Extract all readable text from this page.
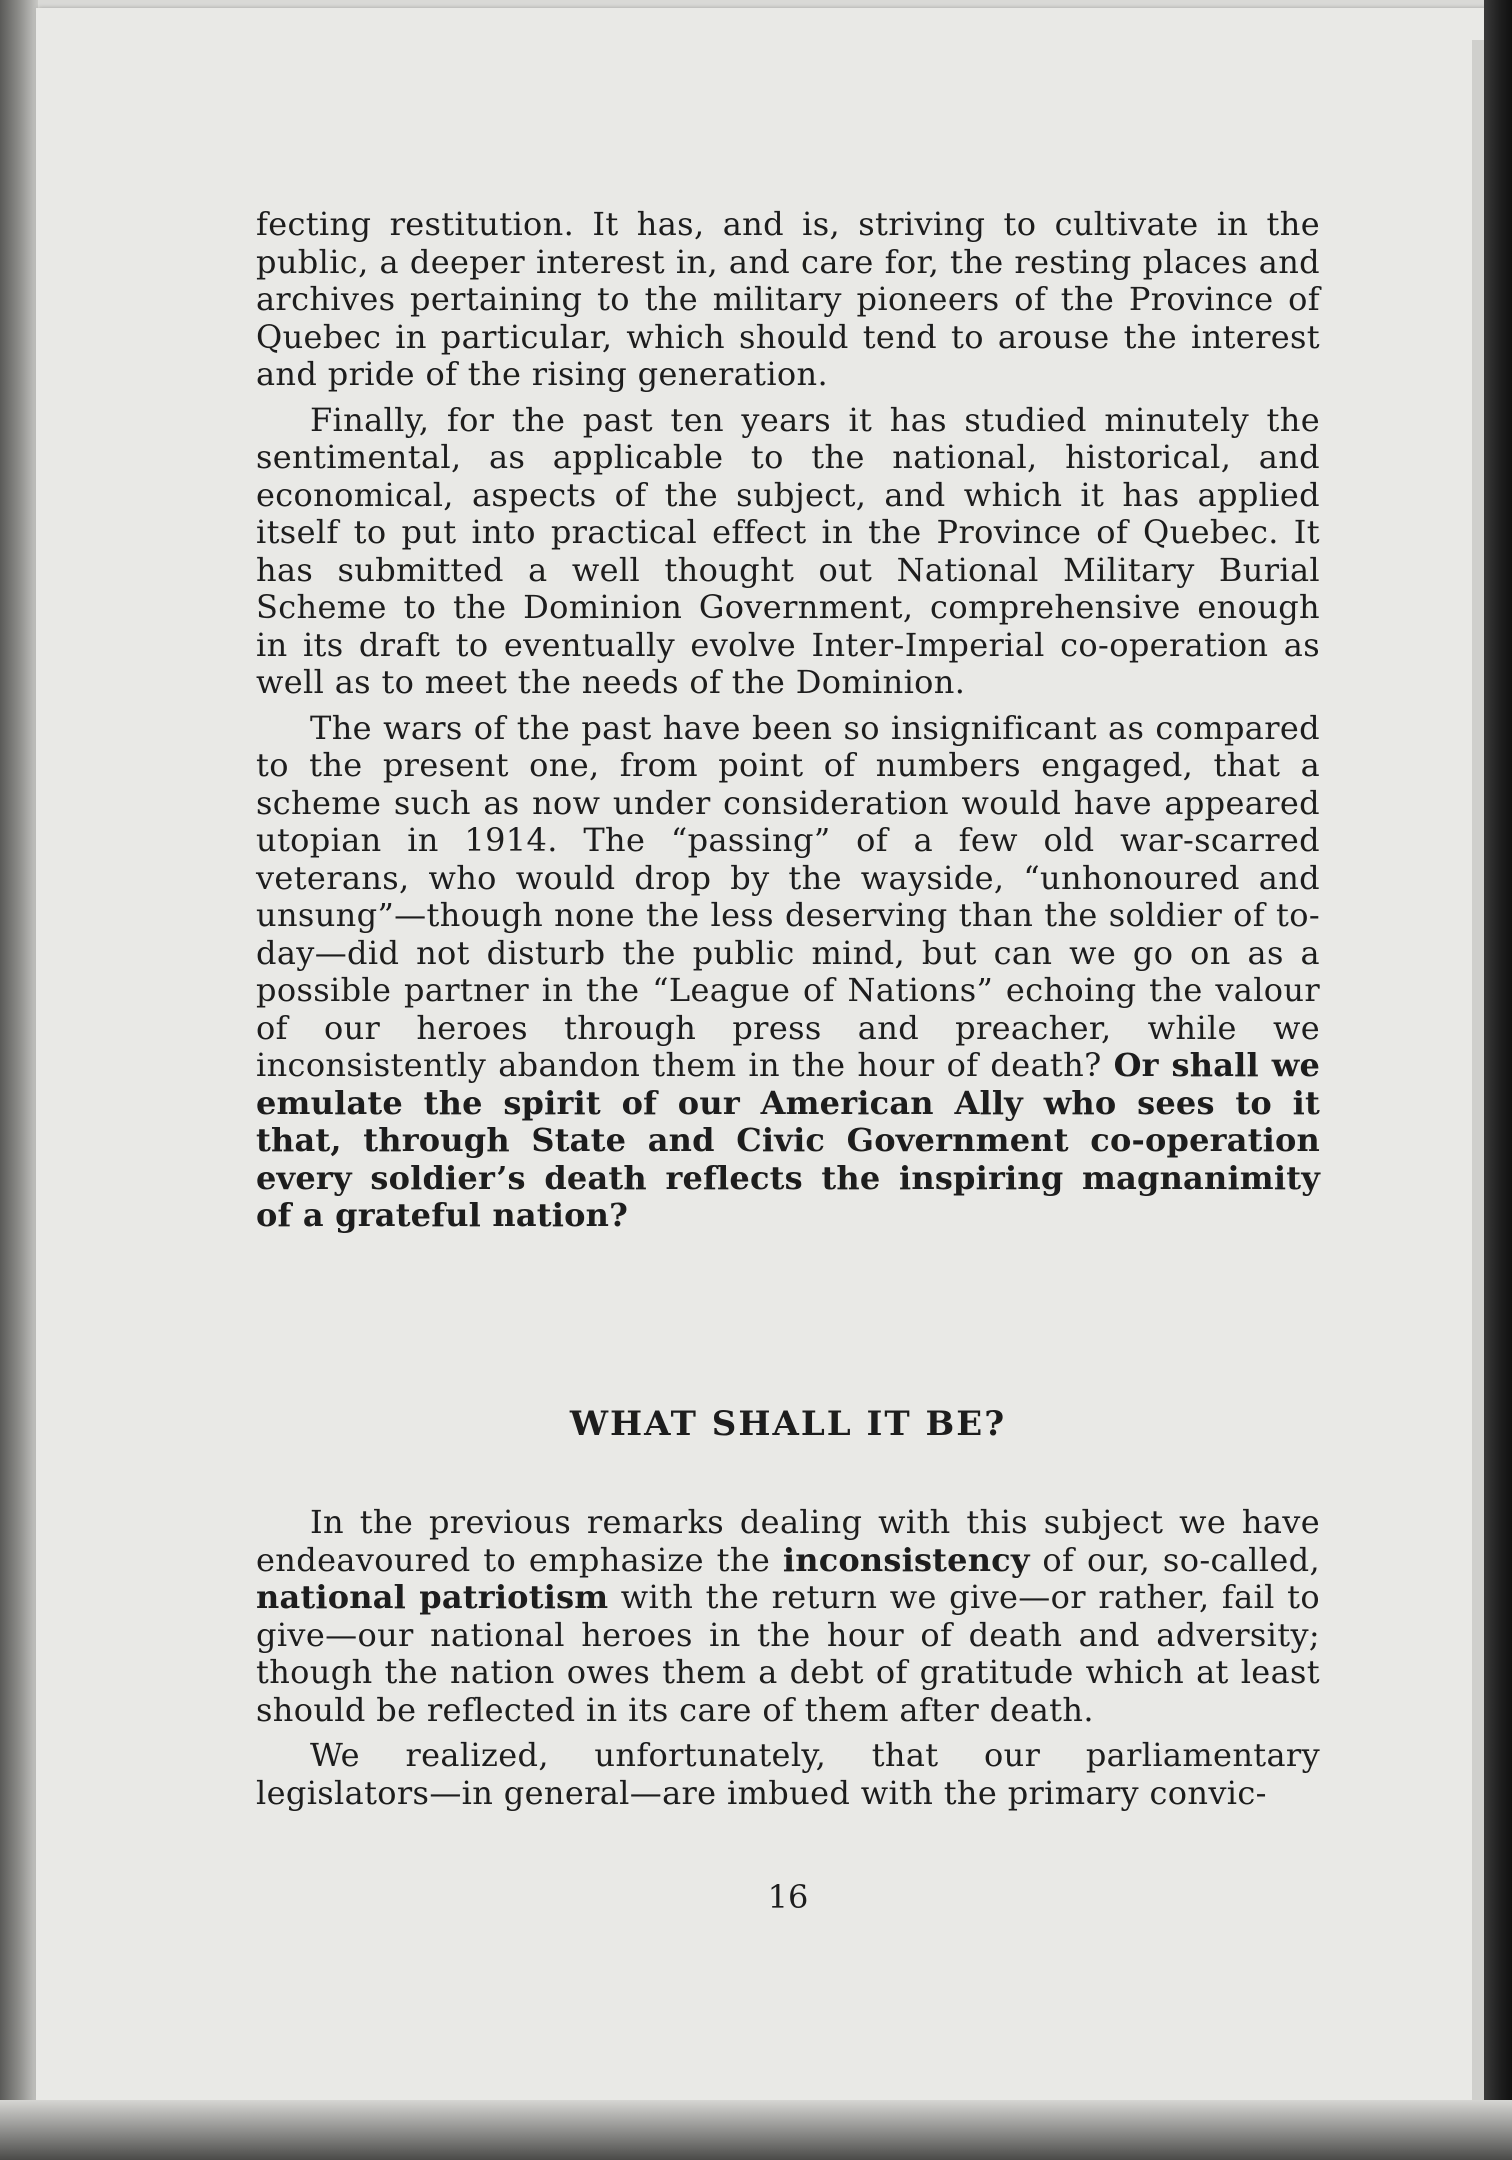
fecting restitution. It has, and is, striving to cultivate in the public, a deeper interest in, and care for, the resting places and archives pertaining to the military pioneers of the Province of Quebec in particular, which should tend to arouse the interest and pride of the rising generation.

Finally, for the past ten years it has studied minutely the sentimental, as applicable to the national, historical, and economical, aspects of the subject, and which it has applied itself to put into practical effect in the Province of Quebec. It has submitted a well thought out National Military Burial Scheme to the Dominion Government, comprehensive enough in its draft to eventually evolve Inter-Imperial co-operation as well as to meet the needs of the Dominion.

The wars of the past have been so insignificant as compared to the present one, from point of numbers engaged, that a scheme such as now under consideration would have appeared utopian in 1914. The “passing” of a few old war-scarred veterans, who would drop by the wayside, “unhonoured and unsung”—though none the less deserving than the soldier of to-day—did not disturb the public mind, but can we go on as a possible partner in the “League of Nations” echoing the valour of our heroes through press and preacher, while we inconsistently abandon them in the hour of death? Or shall we emulate the spirit of our American Ally who sees to it that, through State and Civic Government co-operation every soldier’s death reflects the inspiring magnanimity of a grateful nation?

WHAT SHALL IT BE?

In the previous remarks dealing with this subject we have endeavoured to emphasize the inconsistency of our, so-called, national patriotism with the return we give—or rather, fail to give—our national heroes in the hour of death and adversity; though the nation owes them a debt of gratitude which at least should be reflected in its care of them after death.

We realized, unfortunately, that our parliamentary legislators—in general—are imbued with the primary convic-

16
